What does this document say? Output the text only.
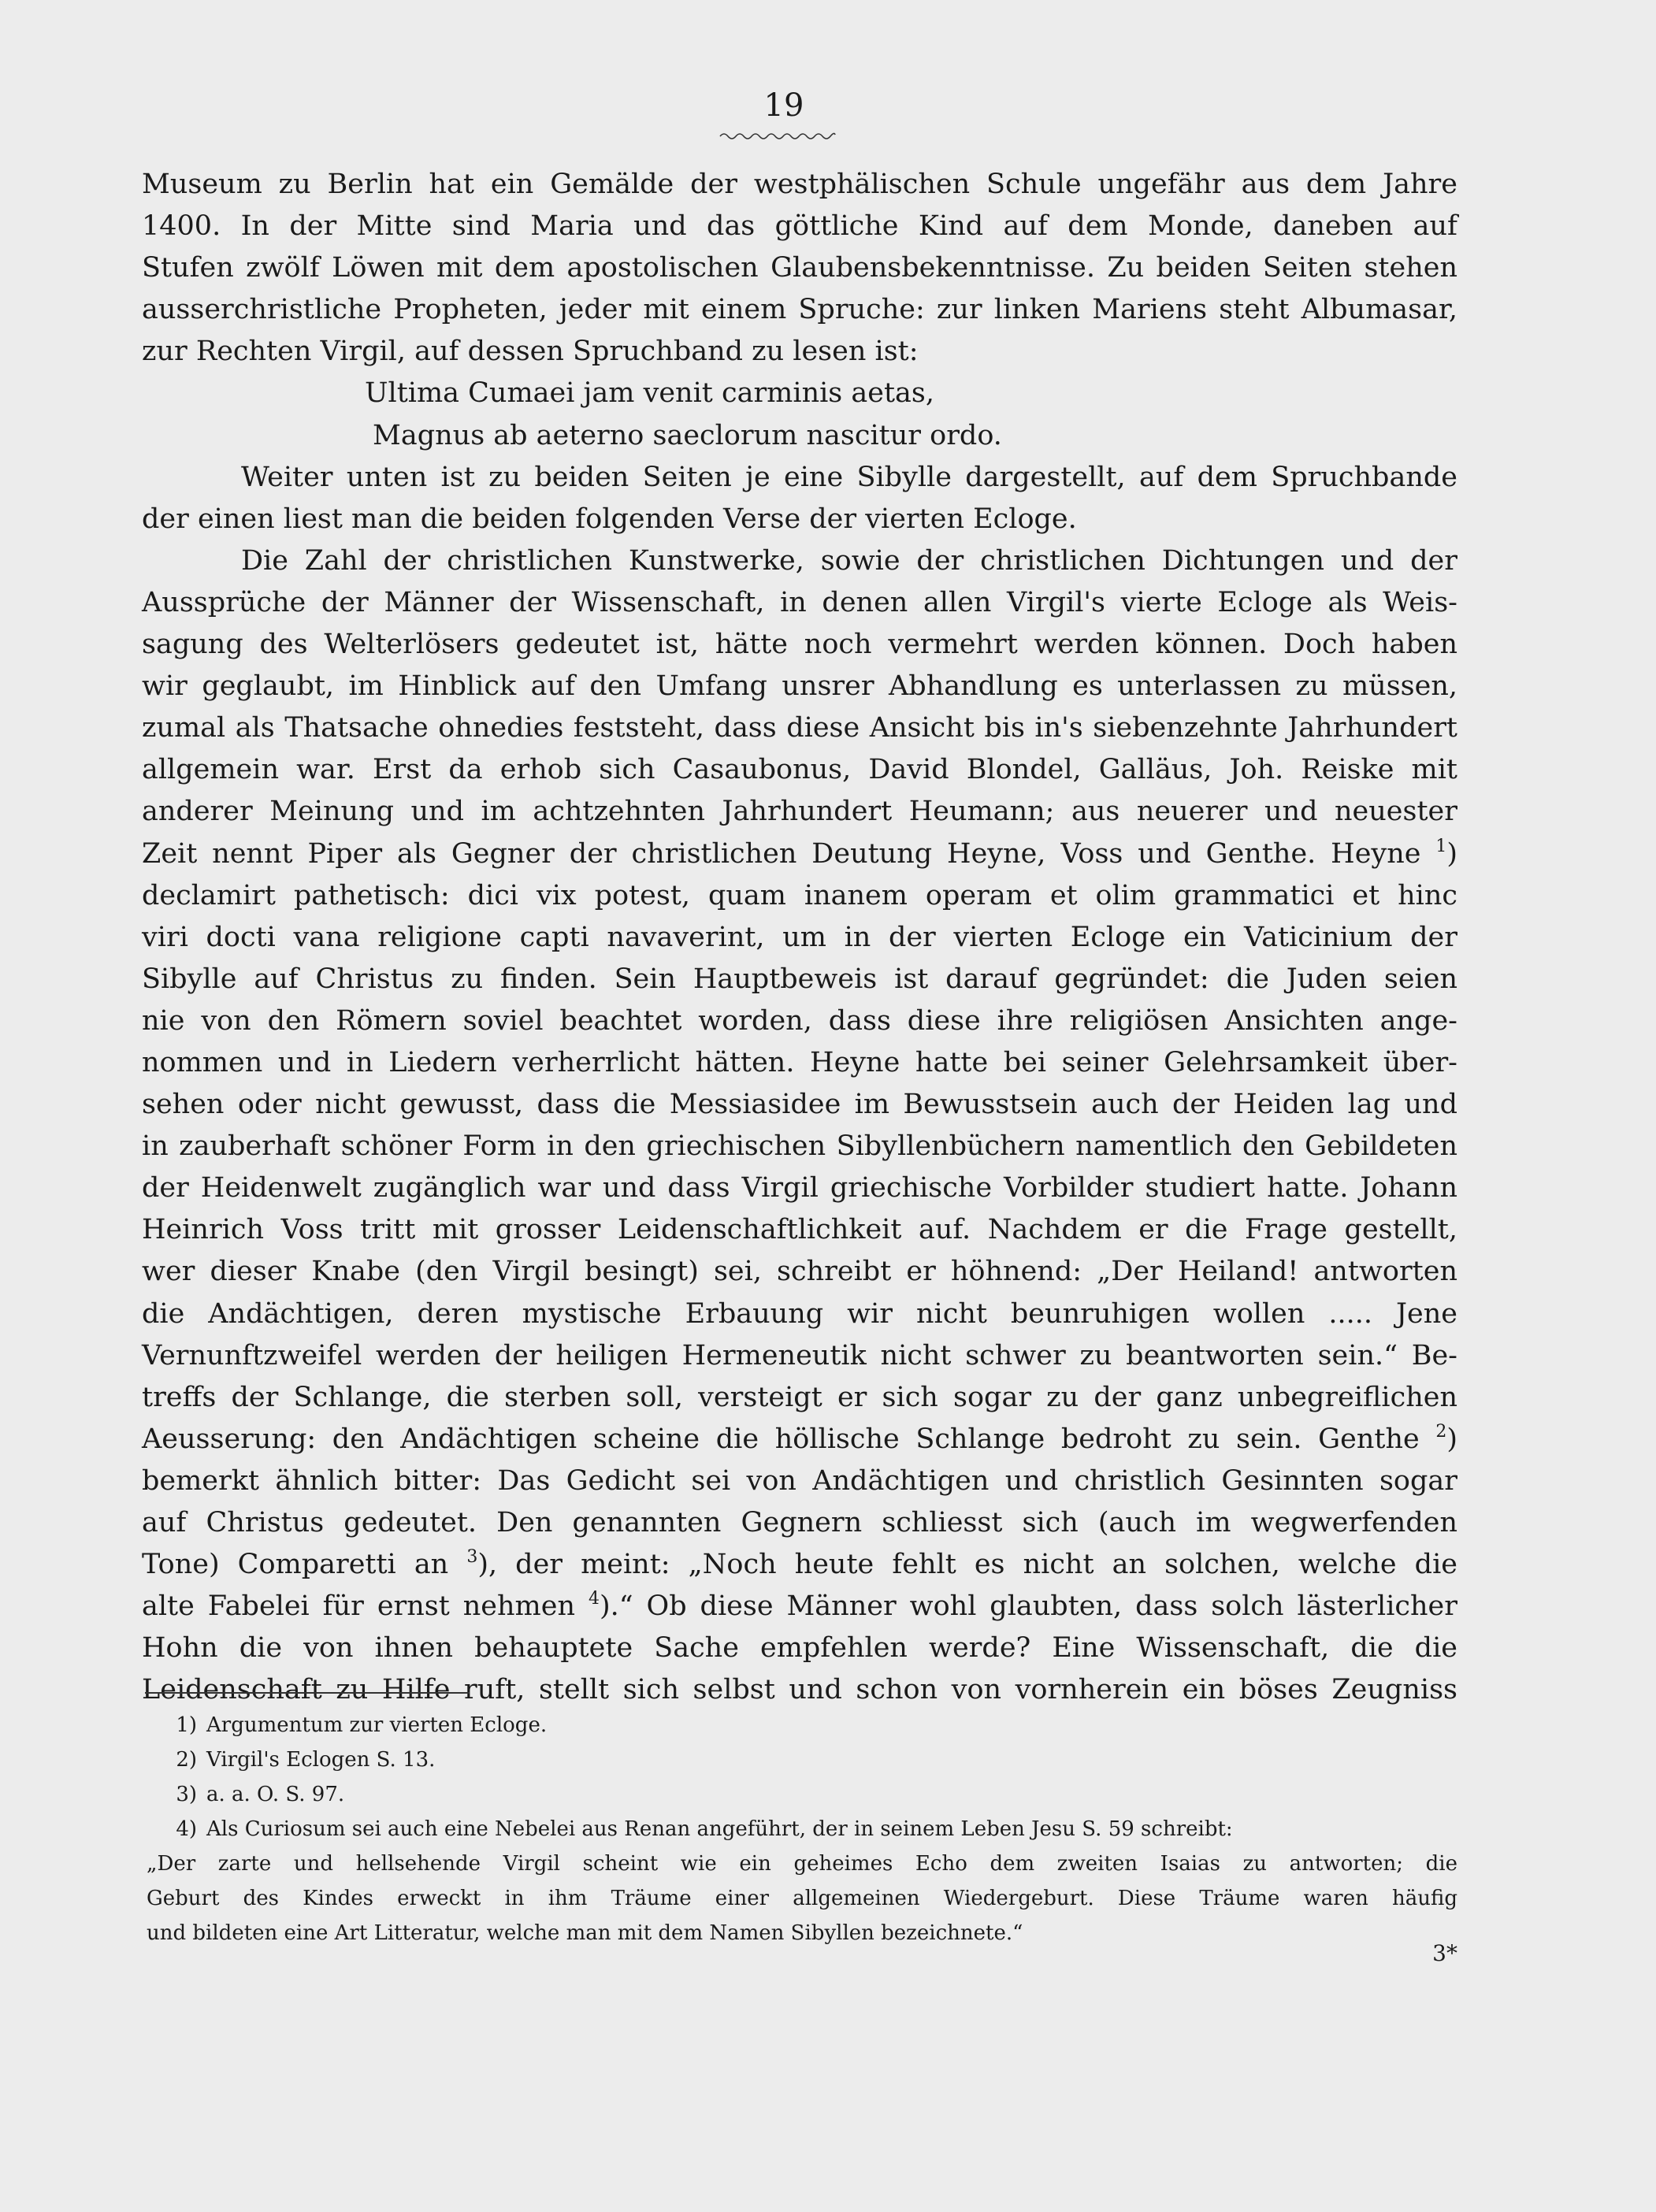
19
Museum zu Berlin hat ein Gemälde der westphälischen Schule ungefähr aus dem Jahre
1400. In der Mitte sind Maria und das göttliche Kind auf dem Monde, daneben auf
Stufen zwölf Löwen mit dem apostolischen Glaubensbekenntnisse. Zu beiden Seiten stehen
ausserchristliche Propheten, jeder mit einem Spruche: zur linken Mariens steht Albumasar,
zur Rechten Virgil, auf dessen Spruchband zu lesen ist:
Ultima Cumaei jam venit carminis aetas,
Magnus ab aeterno saeclorum nascitur ordo.
Weiter unten ist zu beiden Seiten je eine Sibylle dargestellt, auf dem Spruchbande
der einen liest man die beiden folgenden Verse der vierten Ecloge.
Die Zahl der christlichen Kunstwerke, sowie der christlichen Dichtungen und der
Aussprüche der Männer der Wissenschaft, in denen allen Virgil's vierte Ecloge als Weis-
sagung des Welterlösers gedeutet ist, hätte noch vermehrt werden können. Doch haben
wir geglaubt, im Hinblick auf den Umfang unsrer Abhandlung es unterlassen zu müssen,
zumal als Thatsache ohnedies feststeht, dass diese Ansicht bis in's siebenzehnte Jahrhundert
allgemein war. Erst da erhob sich Casaubonus, David Blondel, Galläus, Joh. Reiske mit
anderer Meinung und im achtzehnten Jahrhundert Heumann; aus neuerer und neuester
Zeit nennt Piper als Gegner der christlichen Deutung Heyne, Voss und Genthe. Heyne $^1$)
declamirt pathetisch: dici vix potest, quam inanem operam et olim grammatici et hinc
viri docti vana religione capti navaverint, um in der vierten Ecloge ein Vaticinium der
Sibylle auf Christus zu finden. Sein Hauptbeweis ist darauf gegründet: die Juden seien
nie von den Römern soviel beachtet worden, dass diese ihre religiösen Ansichten ange-
nommen und in Liedern verherrlicht hätten. Heyne hatte bei seiner Gelehrsamkeit über-
sehen oder nicht gewusst, dass die Messiasidee im Bewusstsein auch der Heiden lag und
in zauberhaft schöner Form in den griechischen Sibyllenbüchern namentlich den Gebildeten
der Heidenwelt zugänglich war und dass Virgil griechische Vorbilder studiert hatte. Johann
Heinrich Voss tritt mit grosser Leidenschaftlichkeit auf. Nachdem er die Frage gestellt,
wer dieser Knabe (den Virgil besingt) sei, schreibt er höhnend: „Der Heiland! antworten
die Andächtigen, deren mystische Erbauung wir nicht beunruhigen wollen ..... Jene
Vernunftzweifel werden der heiligen Hermeneutik nicht schwer zu beantworten sein.“ Be-
treffs der Schlange, die sterben soll, versteigt er sich sogar zu der ganz unbegreiflichen
Aeusserung: den Andächtigen scheine die höllische Schlange bedroht zu sein. Genthe $^2$)
bemerkt ähnlich bitter: Das Gedicht sei von Andächtigen und christlich Gesinnten sogar
auf Christus gedeutet. Den genannten Gegnern schliesst sich (auch im wegwerfenden
Tone) Comparetti an $^3$), der meint: „Noch heute fehlt es nicht an solchen, welche die
alte Fabelei für ernst nehmen $^4$).“ Ob diese Männer wohl glaubten, dass solch lästerlicher
Hohn die von ihnen behauptete Sache empfehlen werde? Eine Wissenschaft, die die
Leidenschaft zu Hilfe ruft, stellt sich selbst und schon von vornherein ein böses Zeugniss
1) Argumentum zur vierten Ecloge.
2) Virgil's Eclogen S. 13.
3) a. a. O. S. 97.
4) Als Curiosum sei auch eine Nebelei aus Renan angeführt, der in seinem Leben Jesu S. 59 schreibt:
„Der zarte und hellsehende Virgil scheint wie ein geheimes Echo dem zweiten Isaias zu antworten; die
Geburt des Kindes erweckt in ihm Träume einer allgemeinen Wiedergeburt. Diese Träume waren häufig
und bildeten eine Art Litteratur, welche man mit dem Namen Sibyllen bezeichnete.“
3*
